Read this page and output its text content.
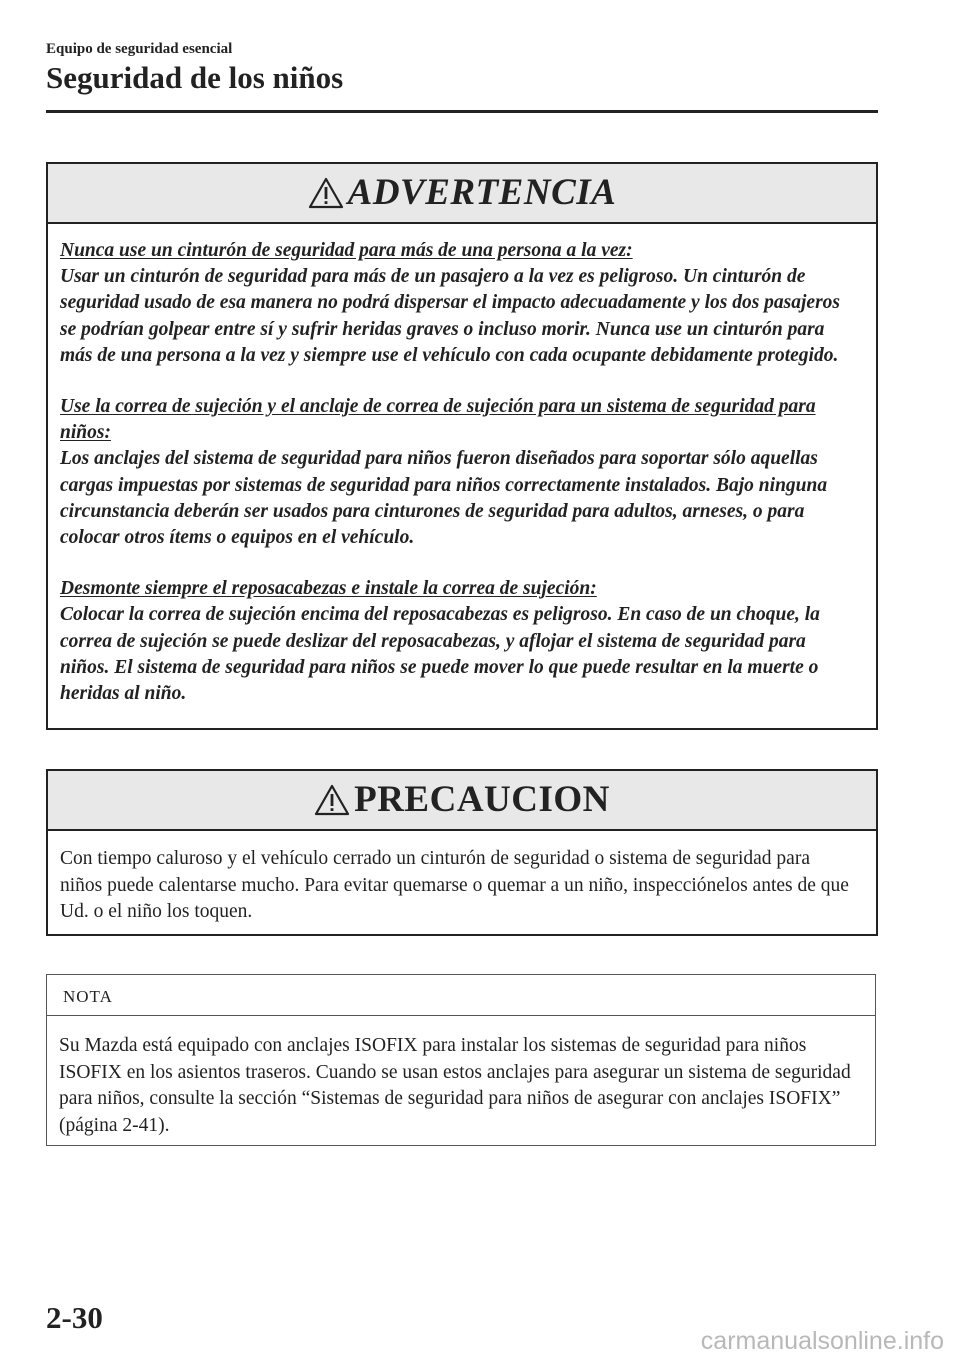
Equipo de seguridad esencial
Seguridad de los niños
ADVERTENCIA

Nunca use un cinturón de seguridad para más de una persona a la vez:
Usar un cinturón de seguridad para más de un pasajero a la vez es peligroso. Un cinturón de seguridad usado de esa manera no podrá dispersar el impacto adecuadamente y los dos pasajeros se podrían golpear entre sí y sufrir heridas graves o incluso morir. Nunca use un cinturón para más de una persona a la vez y siempre use el vehículo con cada ocupante debidamente protegido.

Use la correa de sujeción y el anclaje de correa de sujeción para un sistema de seguridad para niños:
Los anclajes del sistema de seguridad para niños fueron diseñados para soportar sólo aquellas cargas impuestas por sistemas de seguridad para niños correctamente instalados. Bajo ninguna circunstancia deberán ser usados para cinturones de seguridad para adultos, arneses, o para colocar otros ítems o equipos en el vehículo.

Desmonte siempre el reposacabezas e instale la correa de sujeción:
Colocar la correa de sujeción encima del reposacabezas es peligroso. En caso de un choque, la correa de sujeción se puede deslizar del reposacabezas, y aflojar el sistema de seguridad para niños. El sistema de seguridad para niños se puede mover lo que puede resultar en la muerte o heridas al niño.

PRECAUCION
Con tiempo caluroso y el vehículo cerrado un cinturón de seguridad o sistema de seguridad para niños puede calentarse mucho. Para evitar quemarse o quemar a un niño, inspecciónelos antes de que Ud. o el niño los toquen.
NOTA
Su Mazda está equipado con anclajes ISOFIX para instalar los sistemas de seguridad para niños ISOFIX en los asientos traseros. Cuando se usan estos anclajes para asegurar un sistema de seguridad para niños, consulte la sección “Sistemas de seguridad para niños de asegurar con anclajes ISOFIX” (página 2-41).
2-30
carmanualsonline.info
